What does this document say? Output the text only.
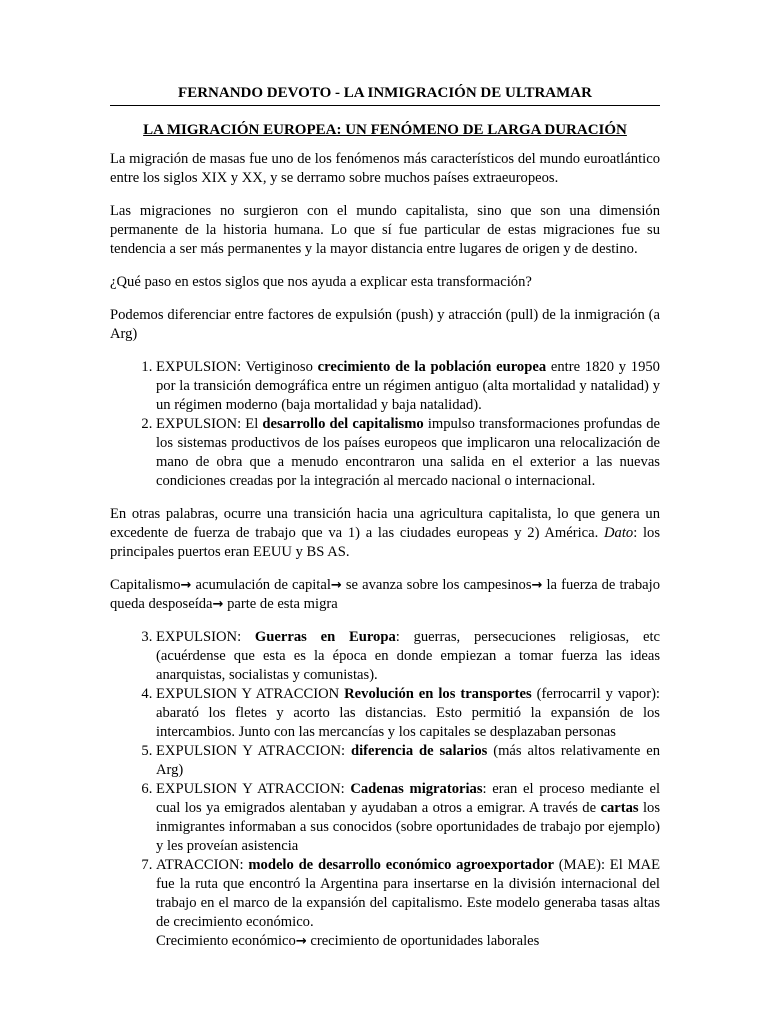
FERNANDO DEVOTO - LA INMIGRACIÓN DE ULTRAMAR
LA MIGRACIÓN EUROPEA: UN FENÓMENO DE LARGA DURACIÓN

La migración de masas fue uno de los fenómenos más característicos del mundo euroatlántico entre los siglos XIX y XX, y se derramo sobre muchos países extraeuropeos.

Las migraciones no surgieron con el mundo capitalista, sino que son una dimensión permanente de la historia humana. Lo que sí fue particular de estas migraciones fue su tendencia a ser más permanentes y la mayor distancia entre lugares de origen y de destino.

¿Qué paso en estos siglos que nos ayuda a explicar esta transformación?

Podemos diferenciar entre factores de expulsión (push) y atracción (pull) de la inmigración (a Arg)

1. EXPULSION: Vertiginoso crecimiento de la población europea entre 1820 y 1950 por la transición demográfica entre un régimen antiguo (alta mortalidad y natalidad) y un régimen moderno (baja mortalidad y baja natalidad).
2. EXPULSION: El desarrollo del capitalismo impulso transformaciones profundas de los sistemas productivos de los países europeos que implicaron una relocalización de mano de obra que a menudo encontraron una salida en el exterior a las nuevas condiciones creadas por la integración al mercado nacional o internacional.

En otras palabras, ocurre una transición hacia una agricultura capitalista, lo que genera un excedente de fuerza de trabajo que va 1) a las ciudades europeas y 2) América. Dato: los principales puertos eran EEUU y BS AS.

Capitalismo→ acumulación de capital→ se avanza sobre los campesinos→ la fuerza de trabajo queda desposeída→ parte de esta migra

3. EXPULSION: Guerras en Europa: guerras, persecuciones religiosas, etc (acuérdense que esta es la época en donde empiezan a tomar fuerza las ideas anarquistas, socialistas y comunistas).
4. EXPULSION Y ATRACCION Revolución en los transportes (ferrocarril y vapor): abarató los fletes y acorto las distancias. Esto permitió la expansión de los intercambios. Junto con las mercancías y los capitales se desplazaban personas
5. EXPULSION Y ATRACCION: diferencia de salarios (más altos relativamente en Arg)
6. EXPULSION Y ATRACCION: Cadenas migratorias: eran el proceso mediante el cual los ya emigrados alentaban y ayudaban a otros a emigrar. A través de cartas los inmigrantes informaban a sus conocidos (sobre oportunidades de trabajo por ejemplo) y les proveían asistencia
7. ATRACCION: modelo de desarrollo económico agroexportador (MAE): El MAE fue la ruta que encontró la Argentina para insertarse en la división internacional del trabajo en el marco de la expansión del capitalismo. Este modelo generaba tasas altas de crecimiento económico.
Crecimiento económico→ crecimiento de oportunidades laborales
